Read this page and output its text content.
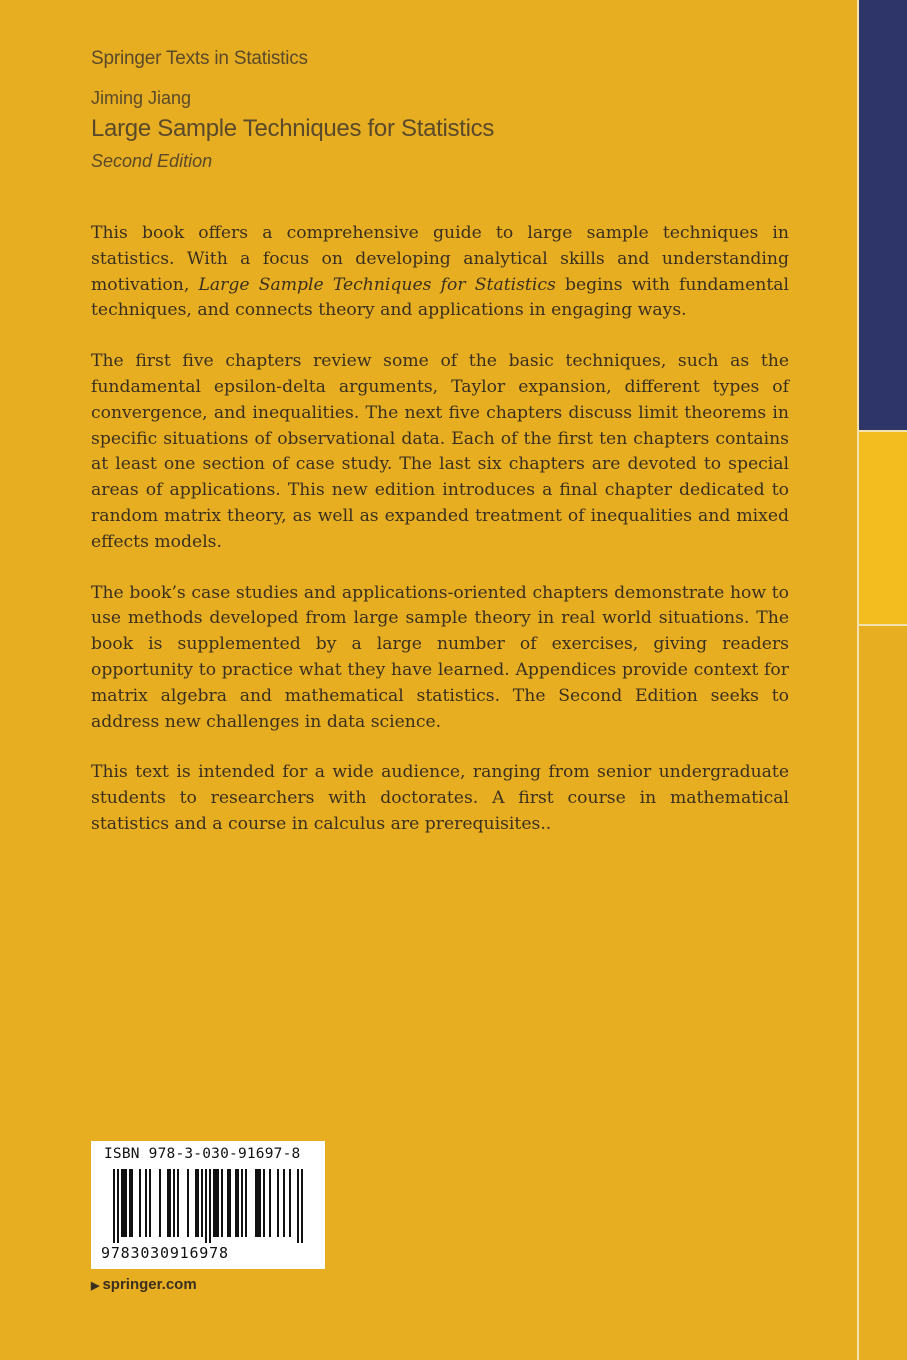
Springer Texts in Statistics
Jiming Jiang
Large Sample Techniques for Statistics
Second Edition

This book offers a comprehensive guide to large sample techniques in statistics. With a focus on developing analytical skills and understanding motivation, Large Sample Techniques for Statistics begins with fundamental techniques, and connects theory and applications in engaging ways.

The first five chapters review some of the basic techniques, such as the fundamental epsilon-delta arguments, Taylor expansion, different types of convergence, and inequalities. The next five chapters discuss limit theorems in specific situations of observational data. Each of the first ten chapters contains at least one section of case study. The last six chapters are devoted to special areas of applications. This new edition introduces a final chapter dedicated to random matrix theory, as well as expanded treatment of inequalities and mixed effects models.

The book’s case studies and applications-oriented chapters demonstrate how to use methods developed from large sample theory in real world situations. The book is supplemented by a large number of exercises, giving readers opportunity to practice what they have learned. Appendices provide context for matrix algebra and mathematical statistics. The Second Edition seeks to address new challenges in data science.

This text is intended for a wide audience, ranging from senior undergraduate students to researchers with doctorates. A first course in mathematical statistics and a course in calculus are prerequisites..

ISBN 978-3-030-91697-8
9783030916978
▶ springer.com
